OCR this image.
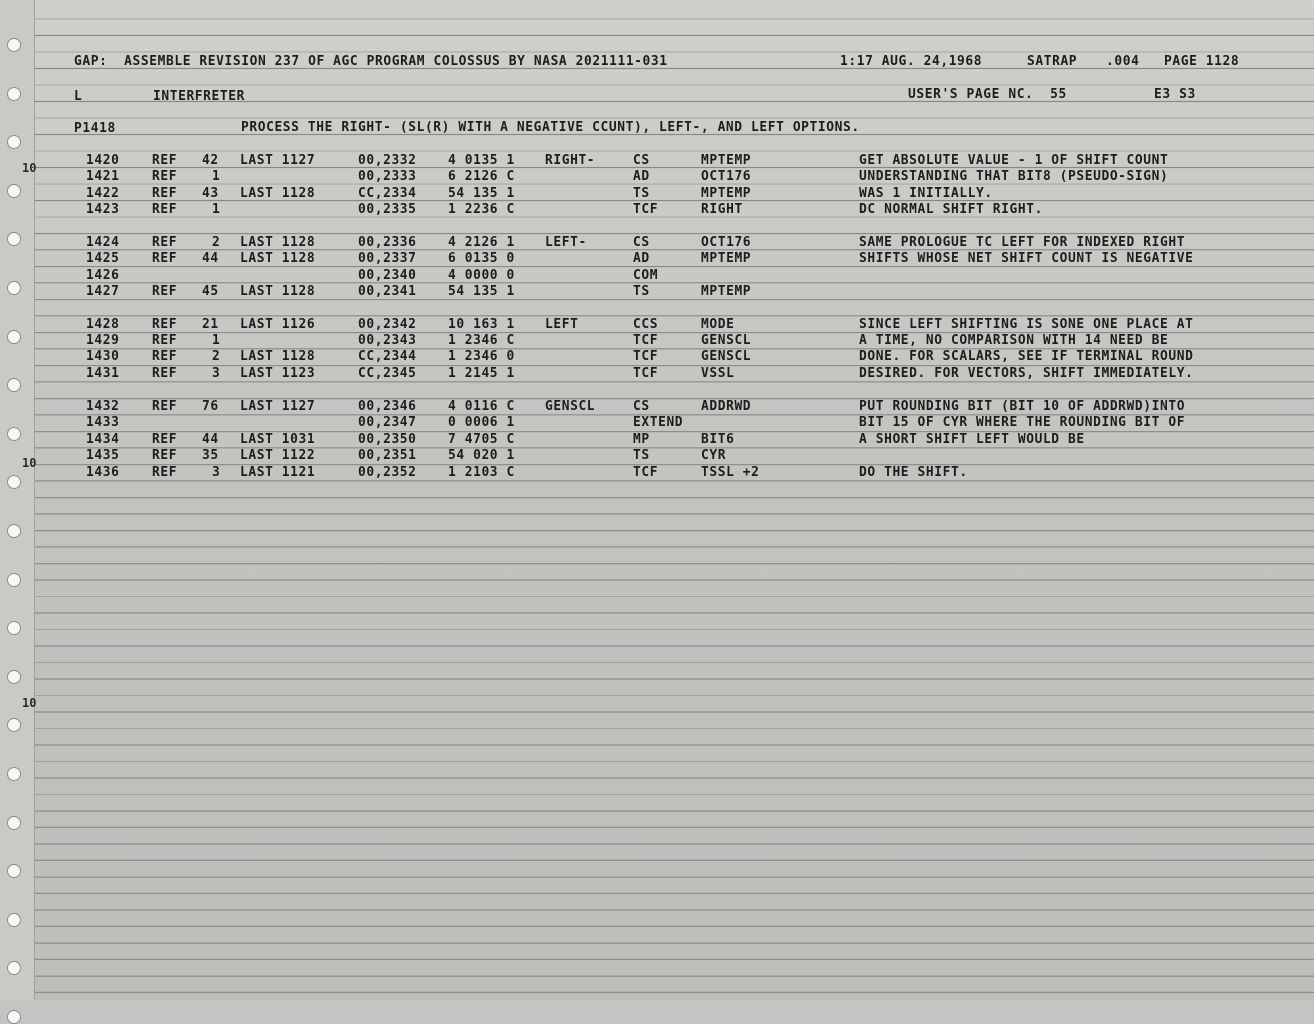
10
10
10
GAP:  ASSEMBLE REVISION 237 OF AGC PROGRAM COLOSSUS BY NASA 2021111-031	1:17 AUG. 24,1968	SATRAP .004 PAGE 1128
L	INTERFRETER	USER'S PAGE NC.  55	E3 S3
P1418	PROCESS THE RIGHT- (SL(R) WITH A NEGATIVE CCUNT), LEFT-, AND LEFT OPTIONS.
1420	REF 42 LAST 1127	00,2332 4 0135 1 RIGHT-	CS	MPTEMP	GET ABSOLUTE VALUE - 1 OF SHIFT COUNT
1421	REF	1	00,2333 6 2126 C	AD	OCT176	UNDERSTANDING THAT BIT8 (PSEUDO-SIGN)
1422	REF 43 LAST 1128	CC,2334 54 135 1	TS	MPTEMP	WAS 1 INITIALLY.
1423	REF	1	00,2335 1 2236 C	TCF	RIGHT	DC NORMAL SHIFT RIGHT.
1424	REF	2 LAST 1128	00,2336 4 2126 1 LEFT-	CS	OCT176	SAME PROLOGUE TC LEFT FOR INDEXED RIGHT
1425	REF 44 LAST 1128	00,2337 6 0135 0	AD	MPTEMP	SHIFTS WHOSE NET SHIFT COUNT IS NEGATIVE
1426	00,2340 4 0000 0	COM
1427	REF 45 LAST 1128	00,2341 54 135 1	TS	MPTEMP
1428	REF 21 LAST 1126	00,2342 10 163 1 LEFT	CCS	MODE	SINCE LEFT SHIFTING IS SONE ONE PLACE AT
1429	REF	1	00,2343 1 2346 C	TCF	GENSCL	A TIME, NO COMPARISON WITH 14 NEED BE
1430	REF	2 LAST 1128	CC,2344 1 2346 0	TCF	GENSCL	DONE. FOR SCALARS, SEE IF TERMINAL ROUND
1431	REF	3 LAST 1123	CC,2345 1 2145 1	TCF	VSSL	DESIRED. FOR VECTORS, SHIFT IMMEDIATELY.
1432	REF 76 LAST 1127	00,2346 4 0116 C GENSCL	CS	ADDRWD	PUT ROUNDING BIT (BIT 10 OF ADDRWD)INTO
1433	00,2347 0 0006 1	EXTEND	BIT 15 OF CYR WHERE THE ROUNDING BIT OF
1434	REF 44 LAST 1031	00,2350 7 4705 C	MP	BIT6	A SHORT SHIFT LEFT WOULD BE
1435	REF 35 LAST 1122	00,2351 54 020 1	TS	CYR
1436	REF	3 LAST 1121	00,2352 1 2103 C	TCF	TSSL +2	DO THE SHIFT.
